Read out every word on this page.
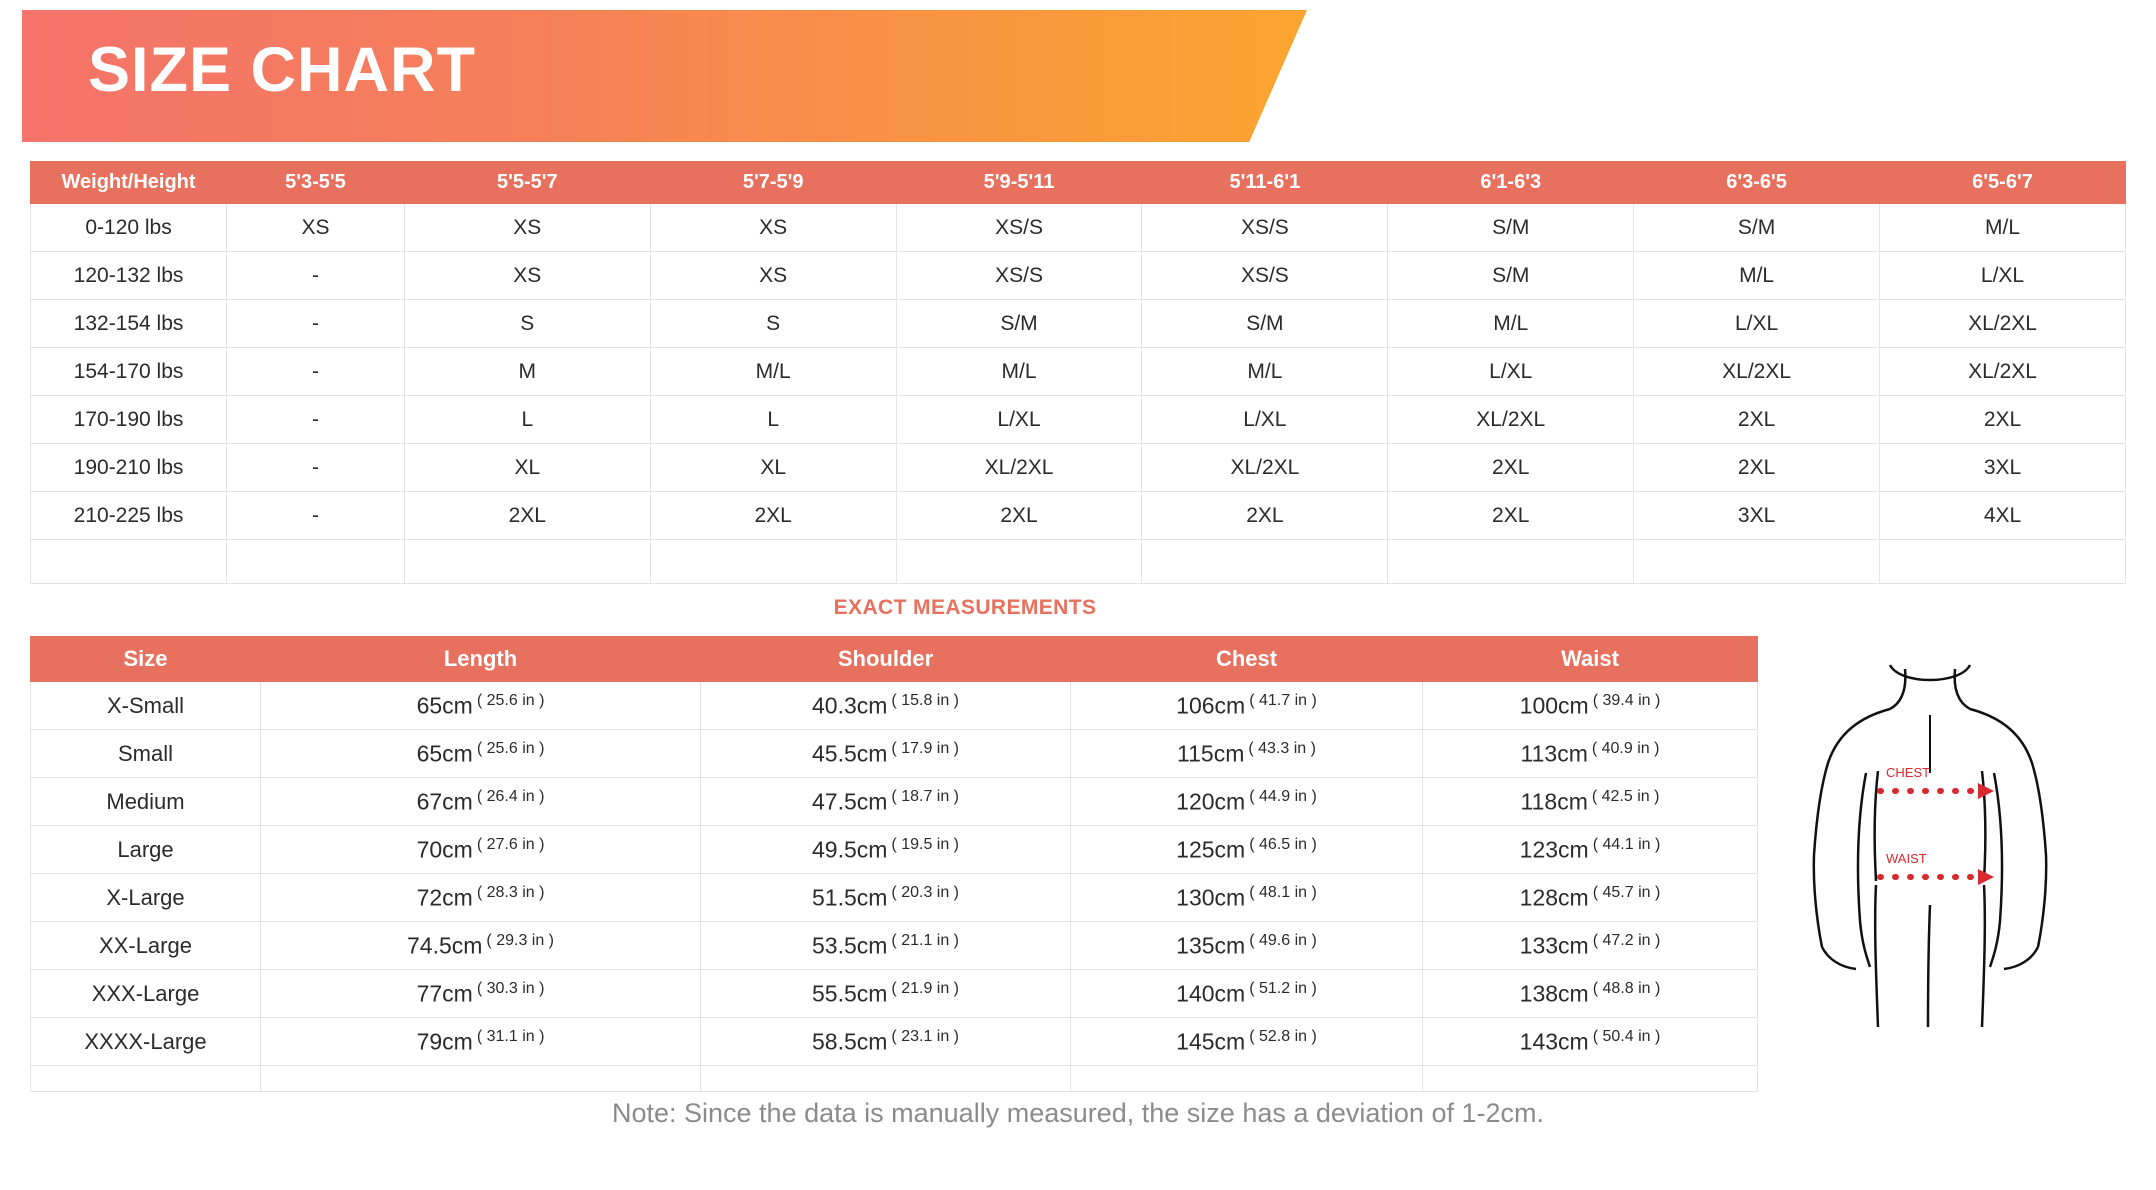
SIZE CHART
Weight/Height	5'3-5'5	5'5-5'7	5'7-5'9	5'9-5'11	5'11-6'1	6'1-6'3	6'3-6'5	6'5-6'7
0-120 lbs	XS	XS	XS	XS/S	XS/S	S/M	S/M	M/L
120-132 lbs	-	XS	XS	XS/S	XS/S	S/M	M/L	L/XL
132-154 lbs	-	S	S	S/M	S/M	M/L	L/XL	XL/2XL
154-170 lbs	-	M	M/L	M/L	M/L	L/XL	XL/2XL	XL/2XL
170-190 lbs	-	L	L	L/XL	L/XL	XL/2XL	2XL	2XL
190-210 lbs	-	XL	XL	XL/2XL	XL/2XL	2XL	2XL	3XL
210-225 lbs	-	2XL	2XL	2XL	2XL	2XL	3XL	4XL

EXACT MEASUREMENTS
Size	Length	Shoulder	Chest	Waist
X-Small	65cm $^{( 25.6 in )}$	40.3cm $^{( 15.8 in )}$	106cm $^{( 41.7 in )}$	100cm $^{( 39.4 in )}$
Small	65cm $^{( 25.6 in )}$	45.5cm $^{( 17.9 in )}$	115cm $^{( 43.3 in )}$	113cm $^{( 40.9 in )}$
Medium	67cm $^{( 26.4 in )}$	47.5cm $^{( 18.7 in )}$	120cm $^{( 44.9 in )}$	118cm $^{( 42.5 in )}$
Large	70cm $^{( 27.6 in )}$	49.5cm $^{( 19.5 in )}$	125cm $^{( 46.5 in )}$	123cm $^{( 44.1 in )}$
X-Large	72cm $^{( 28.3 in )}$	51.5cm $^{( 20.3 in )}$	130cm $^{( 48.1 in )}$	128cm $^{( 45.7 in )}$
XX-Large	74.5cm $^{( 29.3 in )}$	53.5cm $^{( 21.1 in )}$	135cm $^{( 49.6 in )}$	133cm $^{( 47.2 in )}$
XXX-Large	77cm $^{( 30.3 in )}$	55.5cm $^{( 21.9 in )}$	140cm $^{( 51.2 in )}$	138cm $^{( 48.8 in )}$
XXXX-Large	79cm $^{( 31.1 in )}$	58.5cm $^{( 23.1 in )}$	145cm $^{( 52.8 in )}$	143cm $^{( 50.4 in )}$

CHEST
WAIST
Note: Since the data is manually measured, the size has a deviation of 1-2cm.
